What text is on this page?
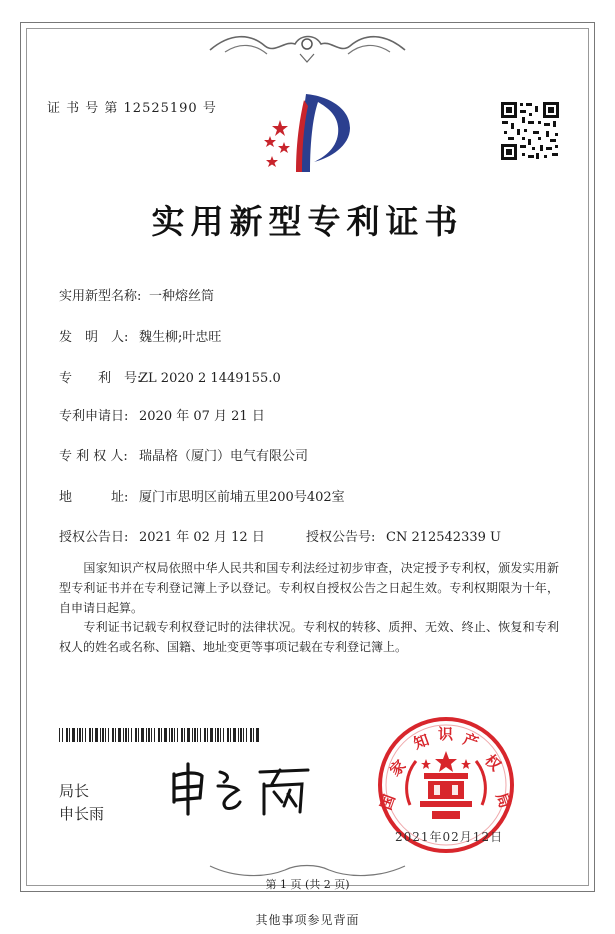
证 书 号 第 12525190 号
实用新型专利证书
实用新型名称: 一种熔丝筒
发　明　人: 魏生柳;叶忠旺
专　　利　号:ZL 2020 2 1449155.0
专利申请日: 2020 年 07 月 21 日
专 利 权 人: 瑞晶格（厦门）电气有限公司
地　　　址: 厦门市思明区前埔五里200号402室
授权公告日: 2021 年 02 月 12 日	授权公告号: CN 212542339 U
　　国家知识产权局依照中华人民共和国专利法经过初步审查，决定授予专利权，颁发实用新型专利证书并在专利登记簿上予以登记。专利权自授权公告之日起生效。专利权期限为十年，自申请日起算。
　　专利证书记载专利权登记时的法律状况。专利权的转移、质押、无效、终止、恢复和专利权人的姓名或名称、国籍、地址变更等事项记载在专利登记簿上。
局长
申长雨
国
家
知 识 产
权
局
2021年02月12日
第 1 页 (共 2 页)
其他事项参见背面
